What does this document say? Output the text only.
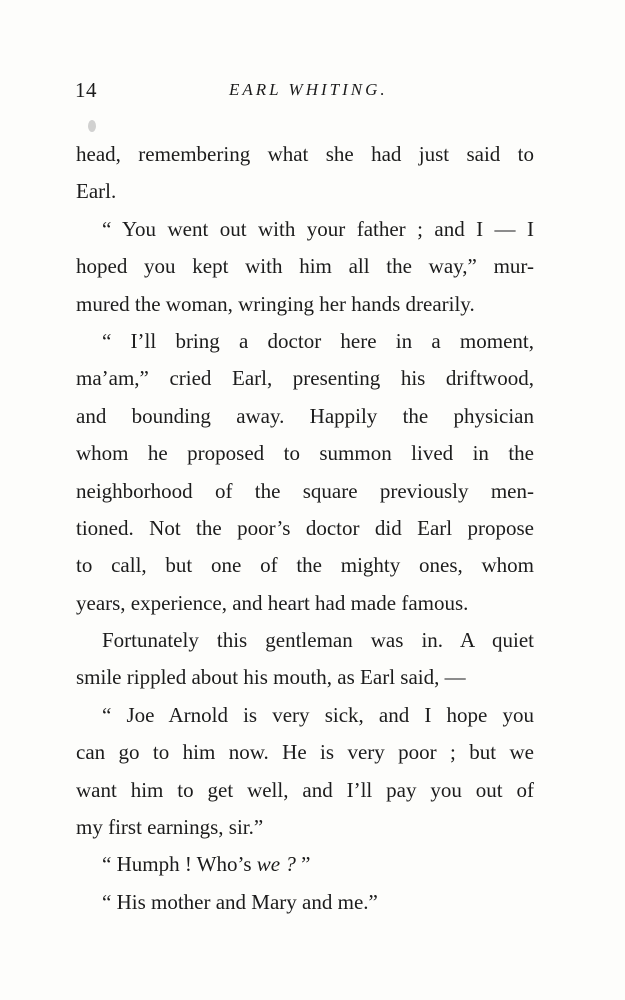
14	EARL WHITING.
head, remembering what she had just said to
Earl.
“ You went out with your father ; and I — I
hoped you kept with him all the way,” mur-
mured the woman, wringing her hands drearily.
“ I’ll bring a doctor here in a moment,
ma’am,” cried Earl, presenting his driftwood,
and bounding away. Happily the physician
whom he proposed to summon lived in the
neighborhood of the square previously men-
tioned. Not the poor’s doctor did Earl propose
to call, but one of the mighty ones, whom
years, experience, and heart had made famous.
Fortunately this gentleman was in. A quiet
smile rippled about his mouth, as Earl said, —
“ Joe Arnold is very sick, and I hope you
can go to him now. He is very poor ; but we
want him to get well, and I’ll pay you out of
my first earnings, sir.”
“ Humph ! Who’s we ? ”
“ His mother and Mary and me.”
